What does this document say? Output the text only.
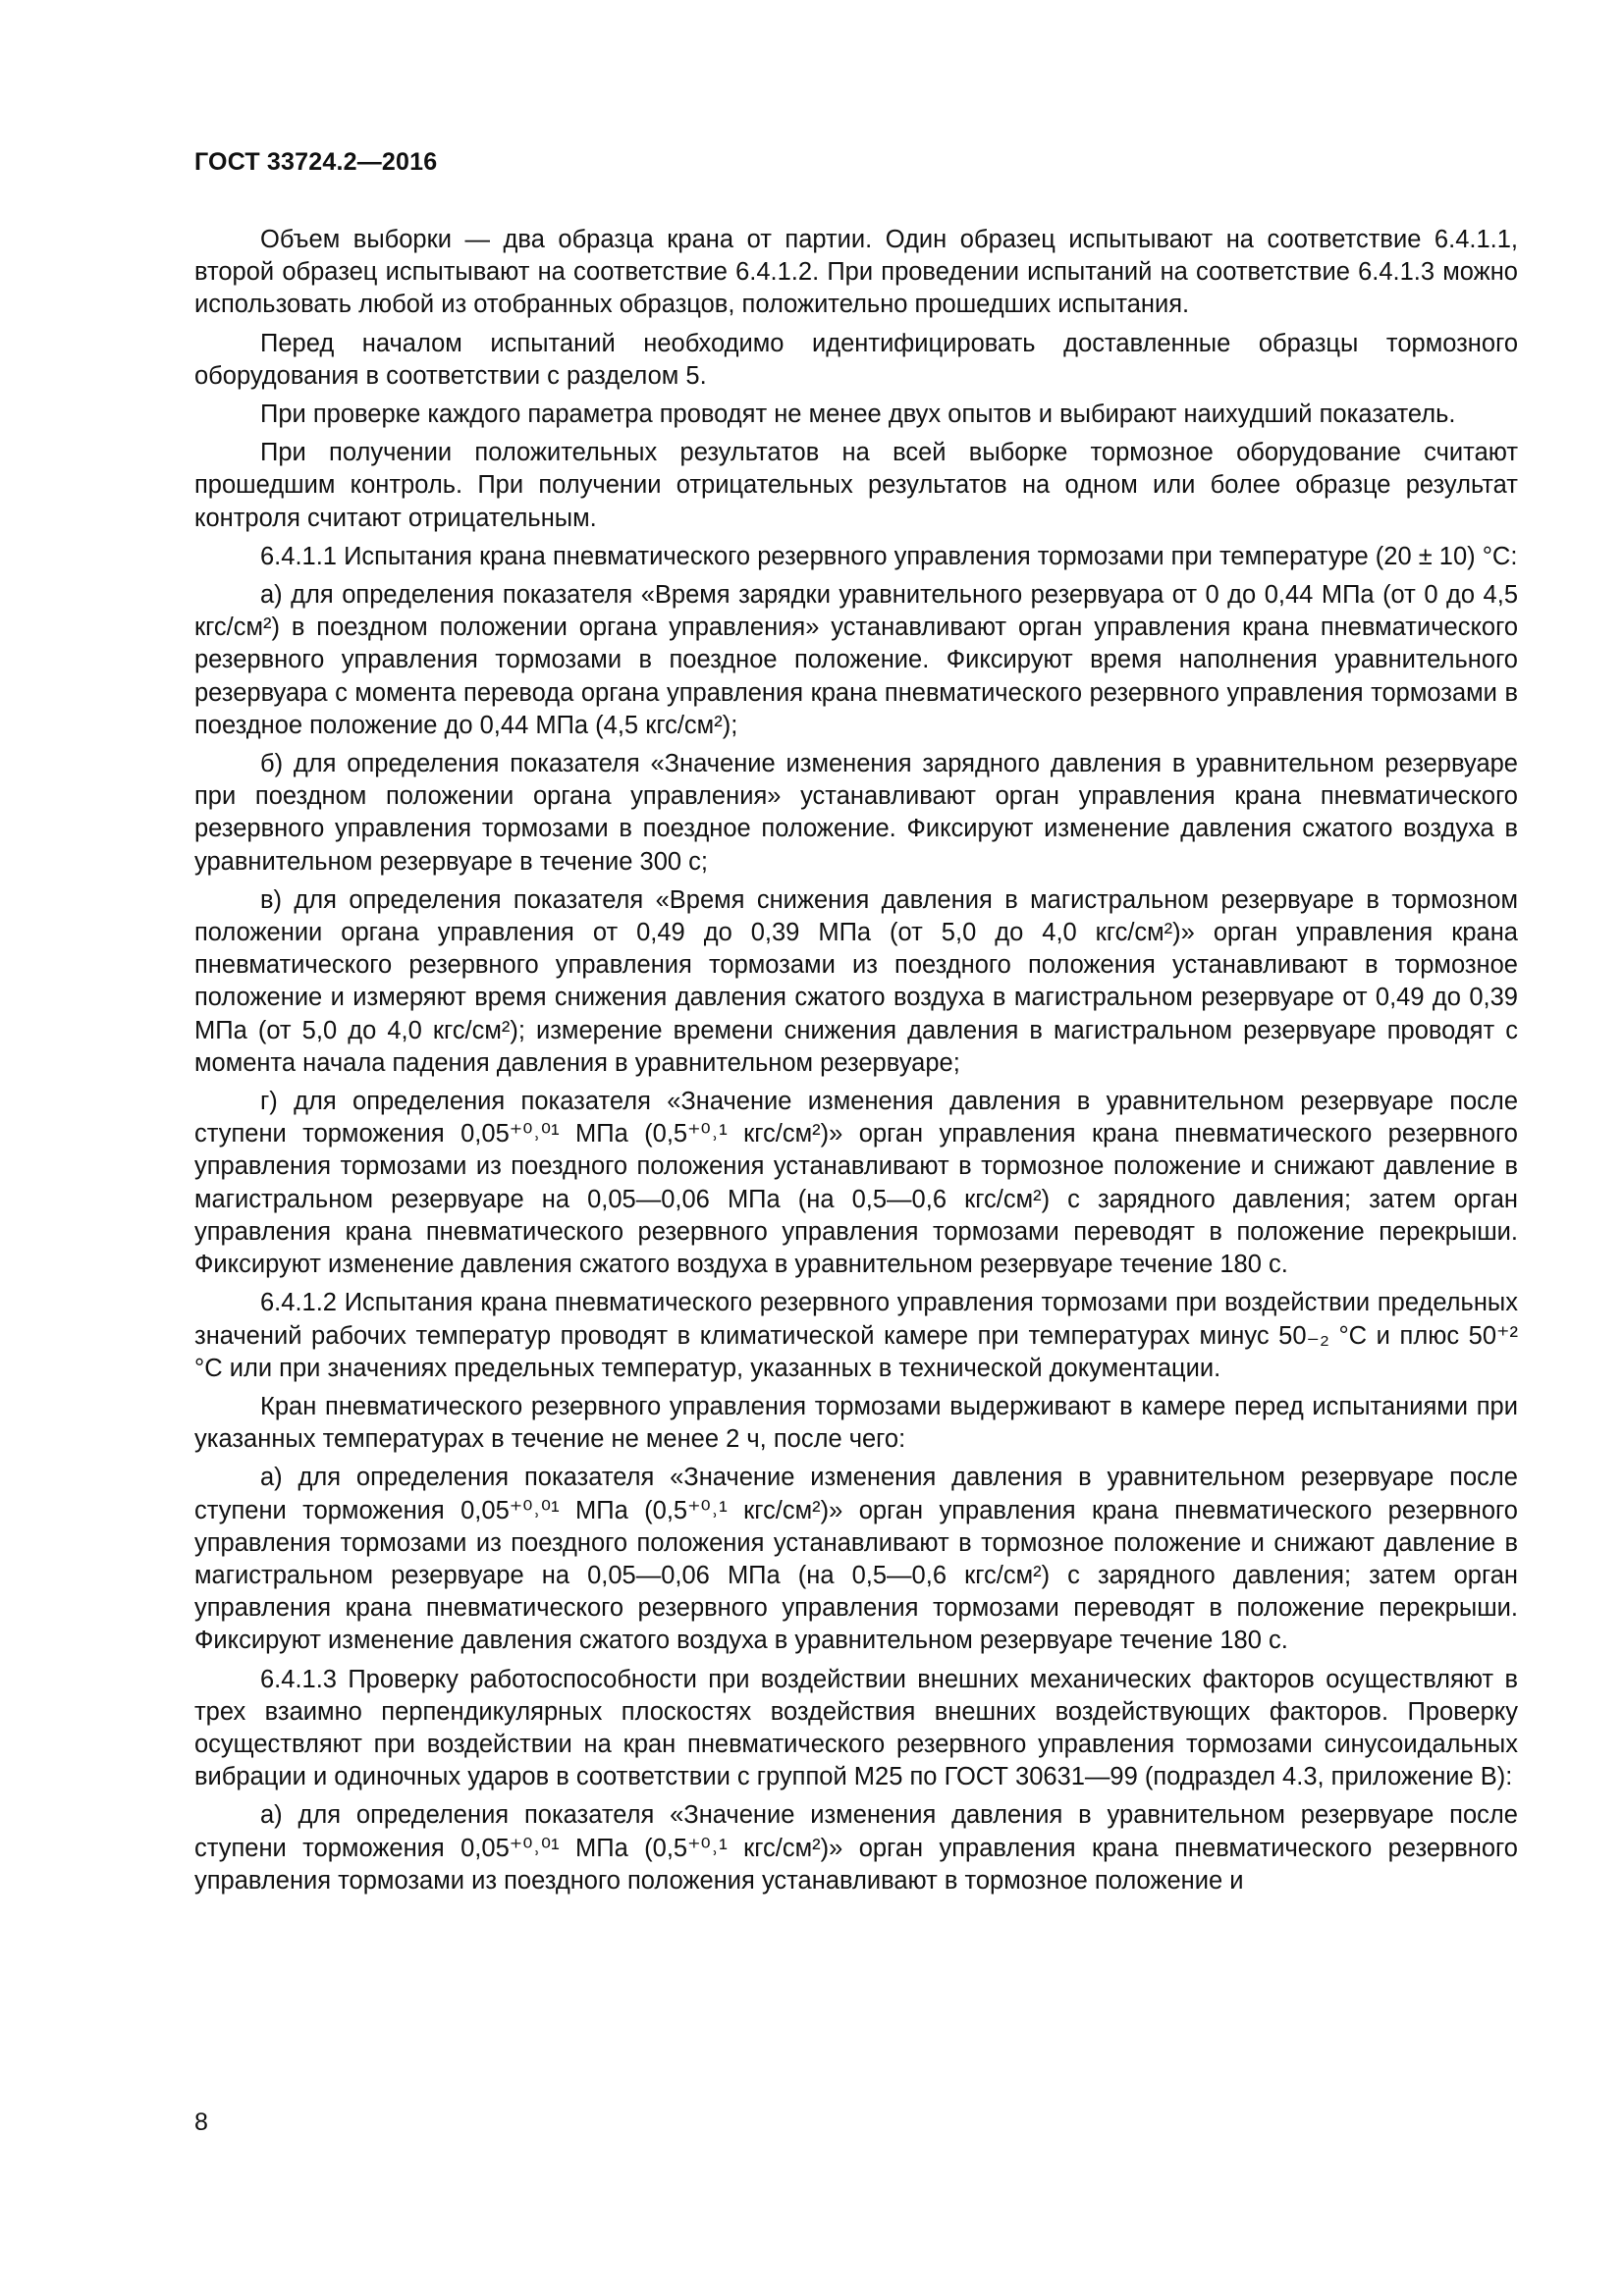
ГОСТ 33724.2—2016

Объем выборки — два образца крана от партии. Один образец испытывают на соответствие 6.4.1.1, второй образец испытывают на соответствие 6.4.1.2. При проведении испытаний на соответствие 6.4.1.3 можно использовать любой из отобранных образцов, положительно прошедших испытания.

Перед началом испытаний необходимо идентифицировать доставленные образцы тормозного оборудования в соответствии с разделом 5.

При проверке каждого параметра проводят не менее двух опытов и выбирают наихудший показатель.

При получении положительных результатов на всей выборке тормозное оборудование считают прошедшим контроль. При получении отрицательных результатов на одном или более образце результат контроля считают отрицательным.

6.4.1.1 Испытания крана пневматического резервного управления тормозами при температуре (20 ± 10) °С:

а) для определения показателя «Время зарядки уравнительного резервуара от 0 до 0,44 МПа (от 0 до 4,5 кгс/см²) в поездном положении органа управления» устанавливают орган управления крана пневматического резервного управления тормозами в поездное положение. Фиксируют время наполнения уравнительного резервуара с момента перевода органа управления крана пневматического резервного управления тормозами в поездное положение до 0,44 МПа (4,5 кгс/см²);

б) для определения показателя «Значение изменения зарядного давления в уравнительном резервуаре при поездном положении органа управления» устанавливают орган управления крана пневматического резервного управления тормозами в поездное положение. Фиксируют изменение давления сжатого воздуха в уравнительном резервуаре в течение 300 с;

в) для определения показателя «Время снижения давления в магистральном резервуаре в тормозном положении органа управления от 0,49 до 0,39 МПа (от 5,0 до 4,0 кгс/см²)» орган управления крана пневматического резервного управления тормозами из поездного положения устанавливают в тормозное положение и измеряют время снижения давления сжатого воздуха в магистральном резервуаре от 0,49 до 0,39 МПа (от 5,0 до 4,0 кгс/см²); измерение времени снижения давления в магистральном резервуаре проводят с момента начала падения давления в уравнительном резервуаре;

г) для определения показателя «Значение изменения давления в уравнительном резервуаре после ступени торможения 0,05⁺⁰˒⁰¹ МПа (0,5⁺⁰˒¹ кгс/см²)» орган управления крана пневматического резервного управления тормозами из поездного положения устанавливают в тормозное положение и снижают давление в магистральном резервуаре на 0,05—0,06 МПа (на 0,5—0,6 кгс/см²) с зарядного давления; затем орган управления крана пневматического резервного управления тормозами переводят в положение перекрыши. Фиксируют изменение давления сжатого воздуха в уравнительном резервуаре течение 180 с.

6.4.1.2 Испытания крана пневматического резервного управления тормозами при воздействии предельных значений рабочих температур проводят в климатической камере при температурах минус 50₋₂ °С и плюс 50⁺² °С или при значениях предельных температур, указанных в технической документации.

Кран пневматического резервного управления тормозами выдерживают в камере перед испытаниями при указанных температурах в течение не менее 2 ч, после чего:

а) для определения показателя «Значение изменения давления в уравнительном резервуаре после ступени торможения 0,05⁺⁰˒⁰¹ МПа (0,5⁺⁰˒¹ кгс/см²)» орган управления крана пневматического резервного управления тормозами из поездного положения устанавливают в тормозное положение и снижают давление в магистральном резервуаре на 0,05—0,06 МПа (на 0,5—0,6 кгс/см²) с зарядного давления; затем орган управления крана пневматического резервного управления тормозами переводят в положение перекрыши. Фиксируют изменение давления сжатого воздуха в уравнительном резервуаре течение 180 с.

6.4.1.3 Проверку работоспособности при воздействии внешних механических факторов осуществляют в трех взаимно перпендикулярных плоскостях воздействия внешних воздействующих факторов. Проверку осуществляют при воздействии на кран пневматического резервного управления тормозами синусоидальных вибрации и одиночных ударов в соответствии с группой М25 по ГОСТ 30631—99 (подраздел 4.3, приложение В):

а) для определения показателя «Значение изменения давления в уравнительном резервуаре после ступени торможения 0,05⁺⁰˒⁰¹ МПа (0,5⁺⁰˒¹ кгс/см²)» орган управления крана пневматического резервного управления тормозами из поездного положения устанавливают в тормозное положение и

8
